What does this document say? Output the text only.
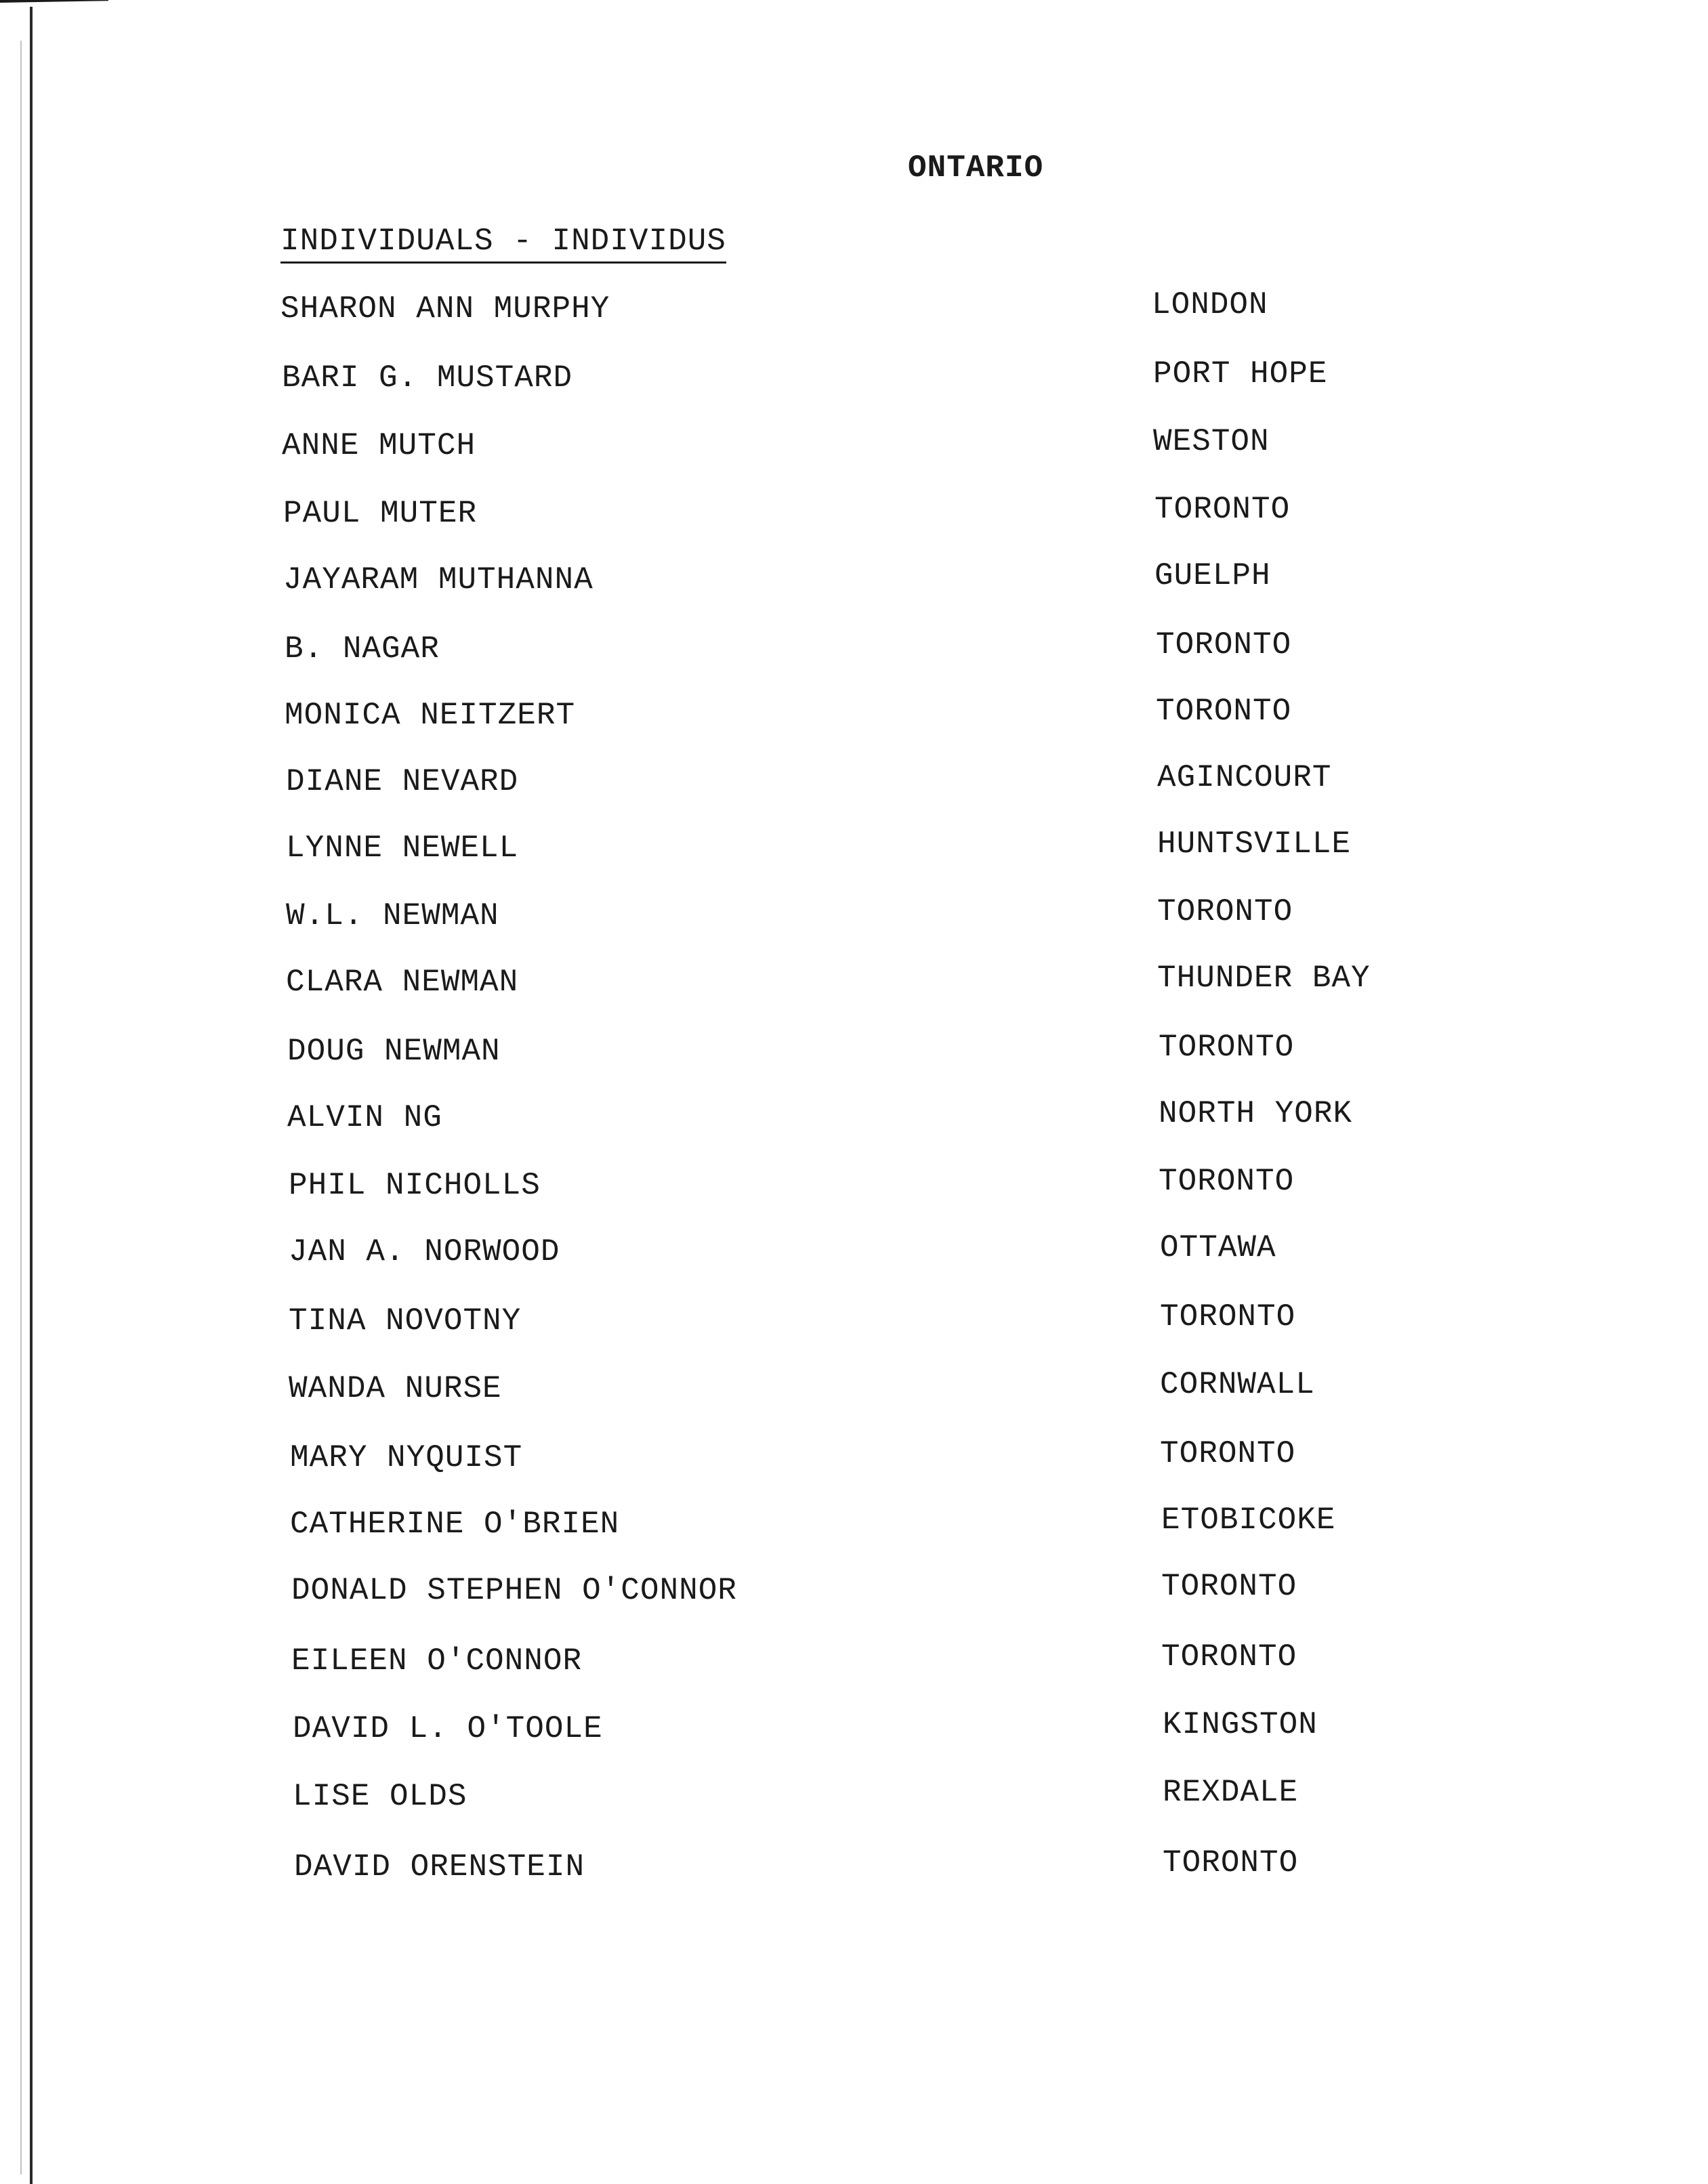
ONTARIO
INDIVIDUALS - INDIVIDUS
SHARON ANN MURPHY	LONDON
BARI G. MUSTARD	PORT HOPE
ANNE MUTCH	WESTON
PAUL MUTER	TORONTO
JAYARAM MUTHANNA	GUELPH
B. NAGAR	TORONTO
MONICA NEITZERT	TORONTO
DIANE NEVARD	AGINCOURT
LYNNE NEWELL	HUNTSVILLE
W.L. NEWMAN	TORONTO
CLARA NEWMAN	THUNDER BAY
DOUG NEWMAN	TORONTO
ALVIN NG	NORTH YORK
PHIL NICHOLLS	TORONTO
JAN A. NORWOOD	OTTAWA
TINA NOVOTNY	TORONTO
WANDA NURSE	CORNWALL
MARY NYQUIST	TORONTO
CATHERINE O'BRIEN	ETOBICOKE
DONALD STEPHEN O'CONNOR	TORONTO
EILEEN O'CONNOR	TORONTO
DAVID L. O'TOOLE	KINGSTON
LISE OLDS	REXDALE
DAVID ORENSTEIN	TORONTO
